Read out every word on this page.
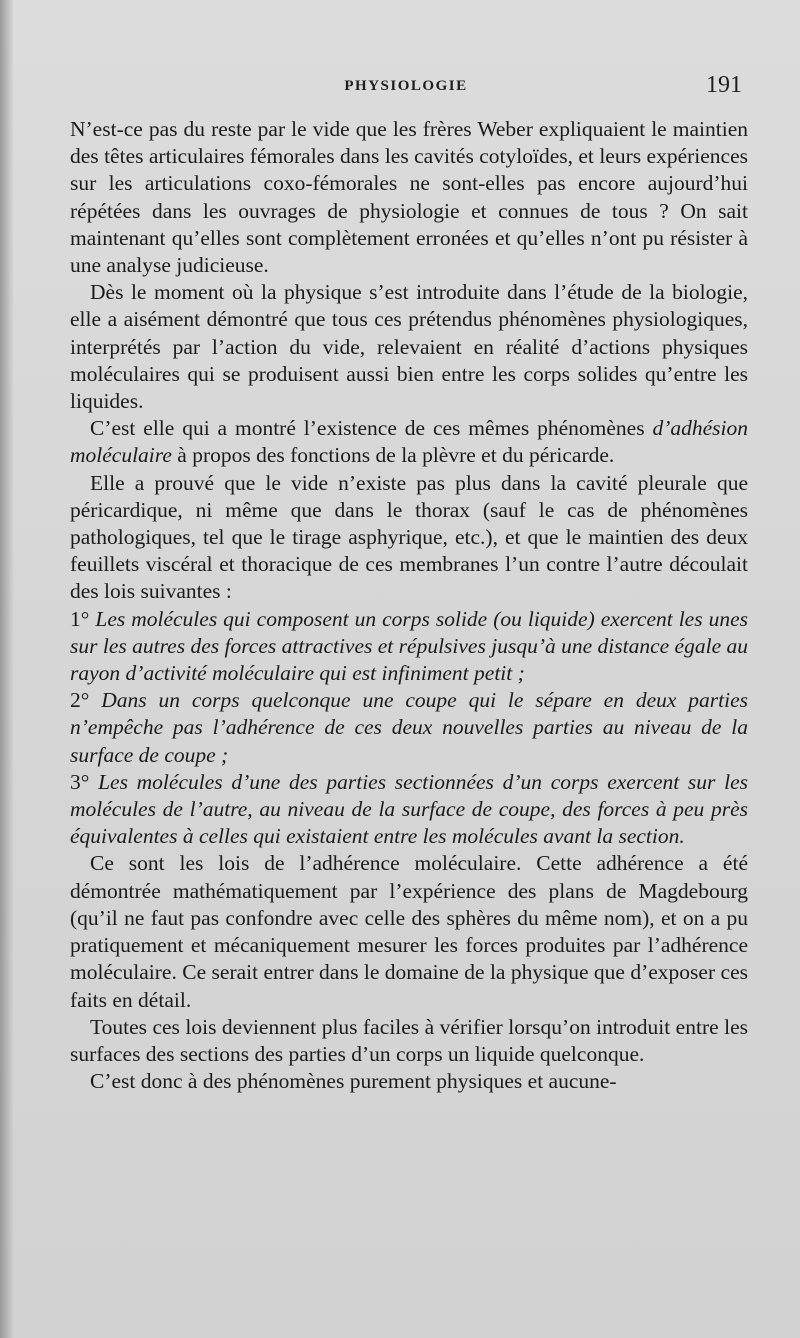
PHYSIOLOGIE	191

N’est-ce pas du reste par le vide que les frères Weber expliquaient le maintien des têtes articulaires fémorales dans les cavités cotyloïdes, et leurs expériences sur les articulations coxo-fémorales ne sont-elles pas encore aujourd’hui répétées dans les ouvrages de physiologie et connues de tous ? On sait maintenant qu’elles sont complètement erronées et qu’elles n’ont pu résister à une analyse judicieuse.

Dès le moment où la physique s’est introduite dans l’étude de la biologie, elle a aisément démontré que tous ces prétendus phénomènes physiologiques, interprétés par l’action du vide, relevaient en réalité d’actions physiques moléculaires qui se produisent aussi bien entre les corps solides qu’entre les liquides.

C’est elle qui a montré l’existence de ces mêmes phénomènes d’adhésion moléculaire à propos des fonctions de la plèvre et du péricarde.

Elle a prouvé que le vide n’existe pas plus dans la cavité pleurale que péricardique, ni même que dans le thorax (sauf le cas de phénomènes pathologiques, tel que le tirage asphyrique, etc.), et que le maintien des deux feuillets viscéral et thoracique de ces membranes l’un contre l’autre découlait des lois suivantes :

1° Les molécules qui composent un corps solide (ou liquide) exercent les unes sur les autres des forces attractives et répulsives jusqu’à une distance égale au rayon d’activité moléculaire qui est infiniment petit ;

2° Dans un corps quelconque une coupe qui le sépare en deux parties n’empêche pas l’adhérence de ces deux nouvelles parties au niveau de la surface de coupe ;

3° Les molécules d’une des parties sectionnées d’un corps exercent sur les molécules de l’autre, au niveau de la surface de coupe, des forces à peu près équivalentes à celles qui existaient entre les molécules avant la section.

Ce sont les lois de l’adhérence moléculaire. Cette adhérence a été démontrée mathématiquement par l’expérience des plans de Magdebourg (qu’il ne faut pas confondre avec celle des sphères du même nom), et on a pu pratiquement et mécaniquement mesurer les forces produites par l’adhérence moléculaire. Ce serait entrer dans le domaine de la physique que d’exposer ces faits en détail.

Toutes ces lois deviennent plus faciles à vérifier lorsqu’on introduit entre les surfaces des sections des parties d’un corps un liquide quelconque.

C’est donc à des phénomènes purement physiques et aucune-
